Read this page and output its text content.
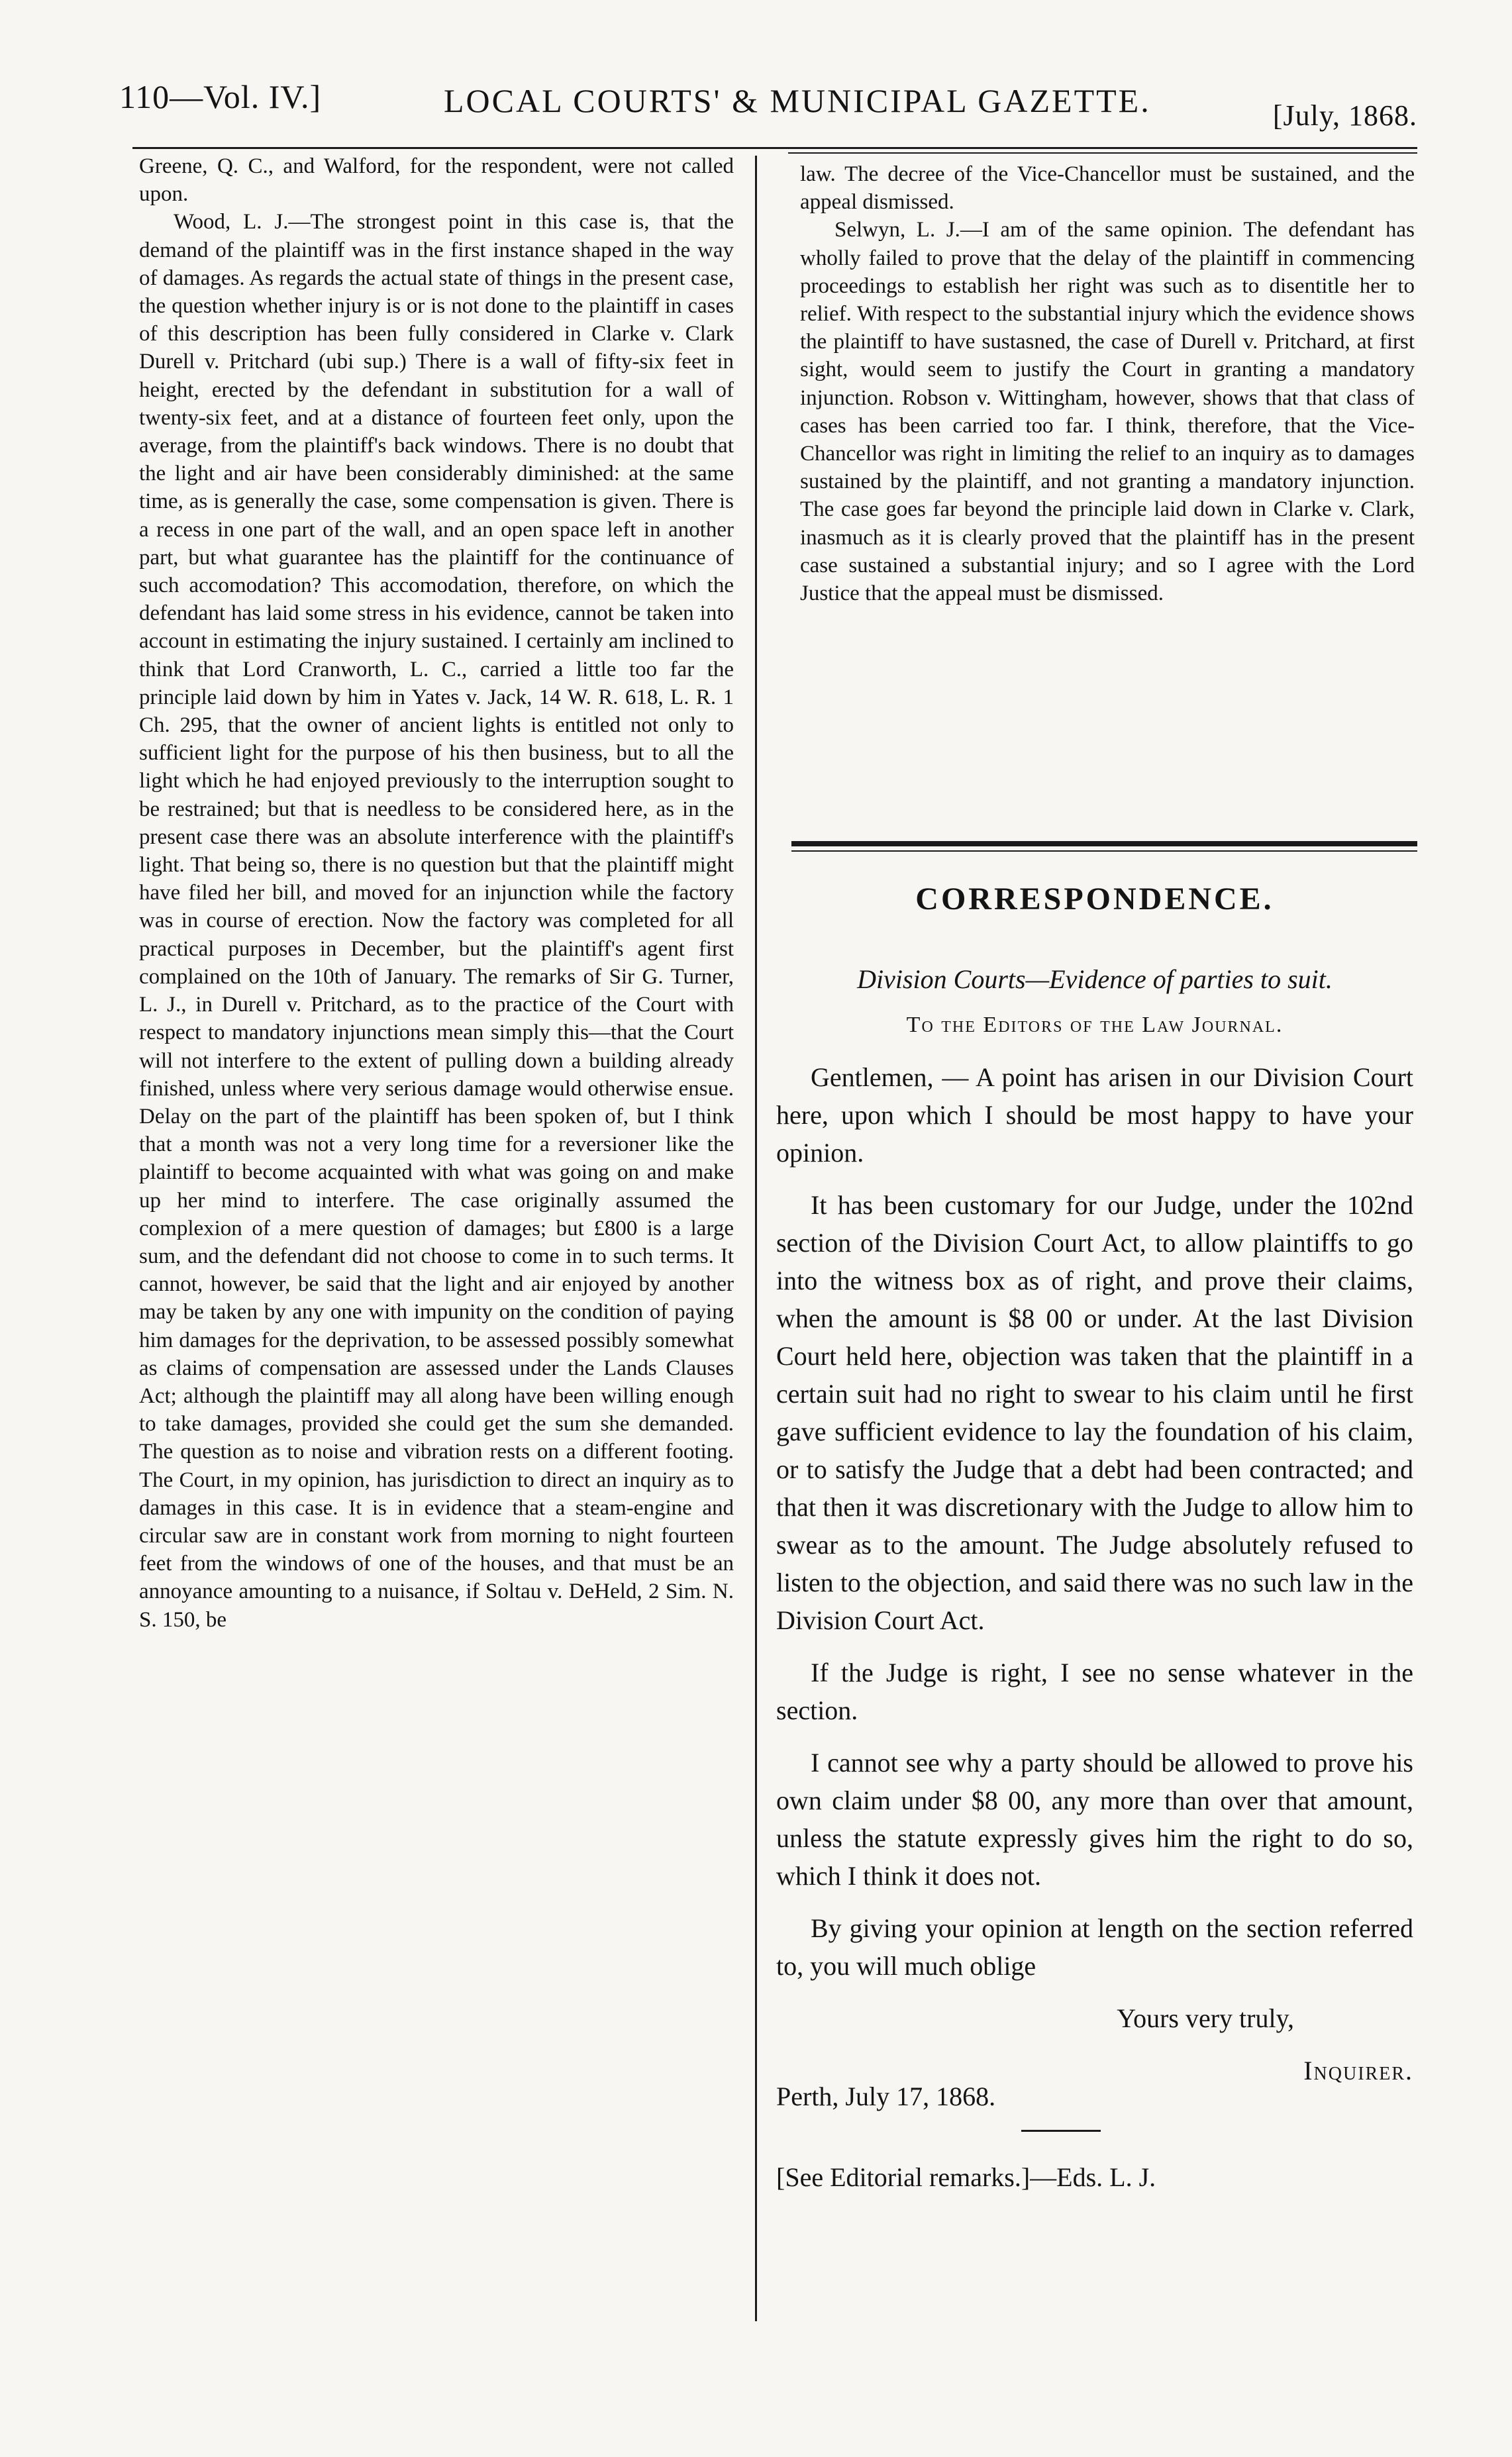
110—Vol. IV.]	LOCAL COURTS' & MUNICIPAL GAZETTE.	[July, 1868.

Greene, Q. C., and Walford, for the respondent, were not called upon.

Wood, L. J.—The strongest point in this case is, that the demand of the plaintiff was in the first instance shaped in the way of damages. As regards the actual state of things in the present case, the question whether injury is or is not done to the plaintiff in cases of this description has been fully considered in Clarke v. Clark Durell v. Pritchard (ubi sup.) There is a wall of fifty-six feet in height, erected by the defendant in substitution for a wall of twenty-six feet, and at a distance of fourteen feet only, upon the average, from the plaintiff's back windows. There is no doubt that the light and air have been considerably diminished: at the same time, as is generally the case, some compensation is given. There is a recess in one part of the wall, and an open space left in another part, but what guarantee has the plaintiff for the continuance of such accomodation? This accomodation, therefore, on which the defendant has laid some stress in his evidence, cannot be taken into account in estimating the injury sustained. I certainly am inclined to think that Lord Cranworth, L. C., carried a little too far the principle laid down by him in Yates v. Jack, 14 W. R. 618, L. R. 1 Ch. 295, that the owner of ancient lights is entitled not only to sufficient light for the purpose of his then business, but to all the light which he had enjoyed previously to the interruption sought to be restrained; but that is needless to be considered here, as in the present case there was an absolute interference with the plaintiff's light. That being so, there is no question but that the plaintiff might have filed her bill, and moved for an injunction while the factory was in course of erection. Now the factory was completed for all practical purposes in December, but the plaintiff's agent first complained on the 10th of January. The remarks of Sir G. Turner, L. J., in Durell v. Pritchard, as to the practice of the Court with respect to mandatory injunctions mean simply this—that the Court will not interfere to the extent of pulling down a building already finished, unless where very serious damage would otherwise ensue. Delay on the part of the plaintiff has been spoken of, but I think that a month was not a very long time for a reversioner like the plaintiff to become acquainted with what was going on and make up her mind to interfere. The case originally assumed the complexion of a mere question of damages; but £800 is a large sum, and the defendant did not choose to come in to such terms. It cannot, however, be said that the light and air enjoyed by another may be taken by any one with impunity on the condition of paying him damages for the deprivation, to be assessed possibly somewhat as claims of compensation are assessed under the Lands Clauses Act; although the plaintiff may all along have been willing enough to take damages, provided she could get the sum she demanded. The question as to noise and vibration rests on a different footing. The Court, in my opinion, has jurisdiction to direct an inquiry as to damages in this case. It is in evidence that a steam-engine and circular saw are in constant work from morning to night fourteen feet from the windows of one of the houses, and that must be an annoyance amounting to a nuisance, if Soltau v. DeHeld, 2 Sim. N. S. 150, be

law. The decree of the Vice-Chancellor must be sustained, and the appeal dismissed.

Selwyn, L. J.—I am of the same opinion. The defendant has wholly failed to prove that the delay of the plaintiff in commencing proceedings to establish her right was such as to disentitle her to relief. With respect to the substantial injury which the evidence shows the plaintiff to have sustasned, the case of Durell v. Pritchard, at first sight, would seem to justify the Court in granting a mandatory injunction. Robson v. Wittingham, however, shows that that class of cases has been carried too far. I think, therefore, that the Vice-Chancellor was right in limiting the relief to an inquiry as to damages sustained by the plaintiff, and not granting a mandatory injunction. The case goes far beyond the principle laid down in Clarke v. Clark, inasmuch as it is clearly proved that the plaintiff has in the present case sustained a substantial injury; and so I agree with the Lord Justice that the appeal must be dismissed.

CORRESPONDENCE.

Division Courts—Evidence of parties to suit.

To the Editors of the Law Journal.

Gentlemen, — A point has arisen in our Division Court here, upon which I should be most happy to have your opinion.

It has been customary for our Judge, under the 102nd section of the Division Court Act, to allow plaintiffs to go into the witness box as of right, and prove their claims, when the amount is $8 00 or under. At the last Division Court held here, objection was taken that the plaintiff in a certain suit had no right to swear to his claim until he first gave sufficient evidence to lay the foundation of his claim, or to satisfy the Judge that a debt had been contracted; and that then it was discretionary with the Judge to allow him to swear as to the amount. The Judge absolutely refused to listen to the objection, and said there was no such law in the Division Court Act.

If the Judge is right, I see no sense whatever in the section.

I cannot see why a party should be allowed to prove his own claim under $8 00, any more than over that amount, unless the statute expressly gives him the right to do so, which I think it does not.

By giving your opinion at length on the section referred to, you will much oblige

Yours very truly,

Inquirer.

Perth, July 17, 1868.

[See Editorial remarks.]—Eds. L. J.
